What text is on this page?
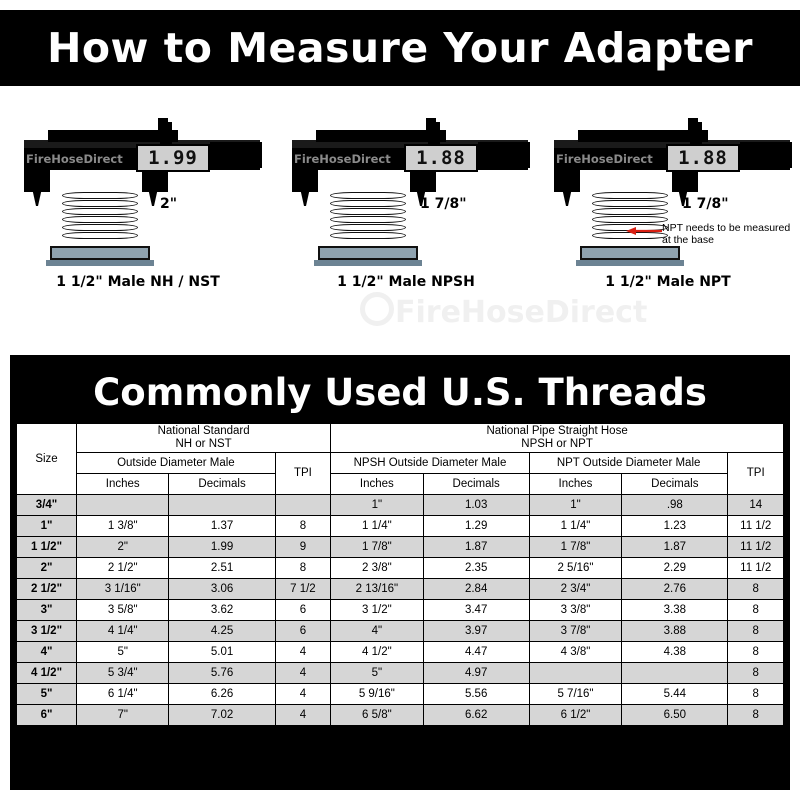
How to Measure Your Adapter
FireHoseDirect
1.99
FireHoseDirect
2"
1 1/2" Male NH / NST
1.88
FireHoseDirect
1 7/8"
1 1/2" Male NPSH
1.88
FireHoseDirect
1 7/8"
NPT needs to be measured at the base
1 1/2" Male NPT
Commonly Used U.S. Threads
Size	National Standard
NH or NST			National Pipe Straight Hose
NPSH or NPT				
	Outside Diameter Male		TPI	NPSH Outside Diameter Male		NPT Outside Diameter Male		TPI
	Inches	Decimals		Inches	Decimals	Inches	Decimals	
3/4"				1"	1.03	1"	.98	14
1"	1 3/8"	1.37	8	1 1/4"	1.29	1 1/4"	1.23	11 1/2
1 1/2"	2"	1.99	9	1 7/8"	1.87	1 7/8"	1.87	11 1/2
2"	2 1/2"	2.51	8	2 3/8"	2.35	2 5/16"	2.29	11 1/2
2 1/2"	3 1/16"	3.06	7 1/2	2 13/16"	2.84	2 3/4"	2.76	8
3"	3 5/8"	3.62	6	3 1/2"	3.47	3 3/8"	3.38	8
3 1/2"	4 1/4"	4.25	6	4"	3.97	3 7/8"	3.88	8
4"	5"	5.01	4	4 1/2"	4.47	4 3/8"	4.38	8
4 1/2"	5 3/4"	5.76	4	5"	4.97			8
5"	6 1/4"	6.26	4	5 9/16"	5.56	5 7/16"	5.44	8
6"	7"	7.02	4	6 5/8"	6.62	6 1/2"	6.50	8
